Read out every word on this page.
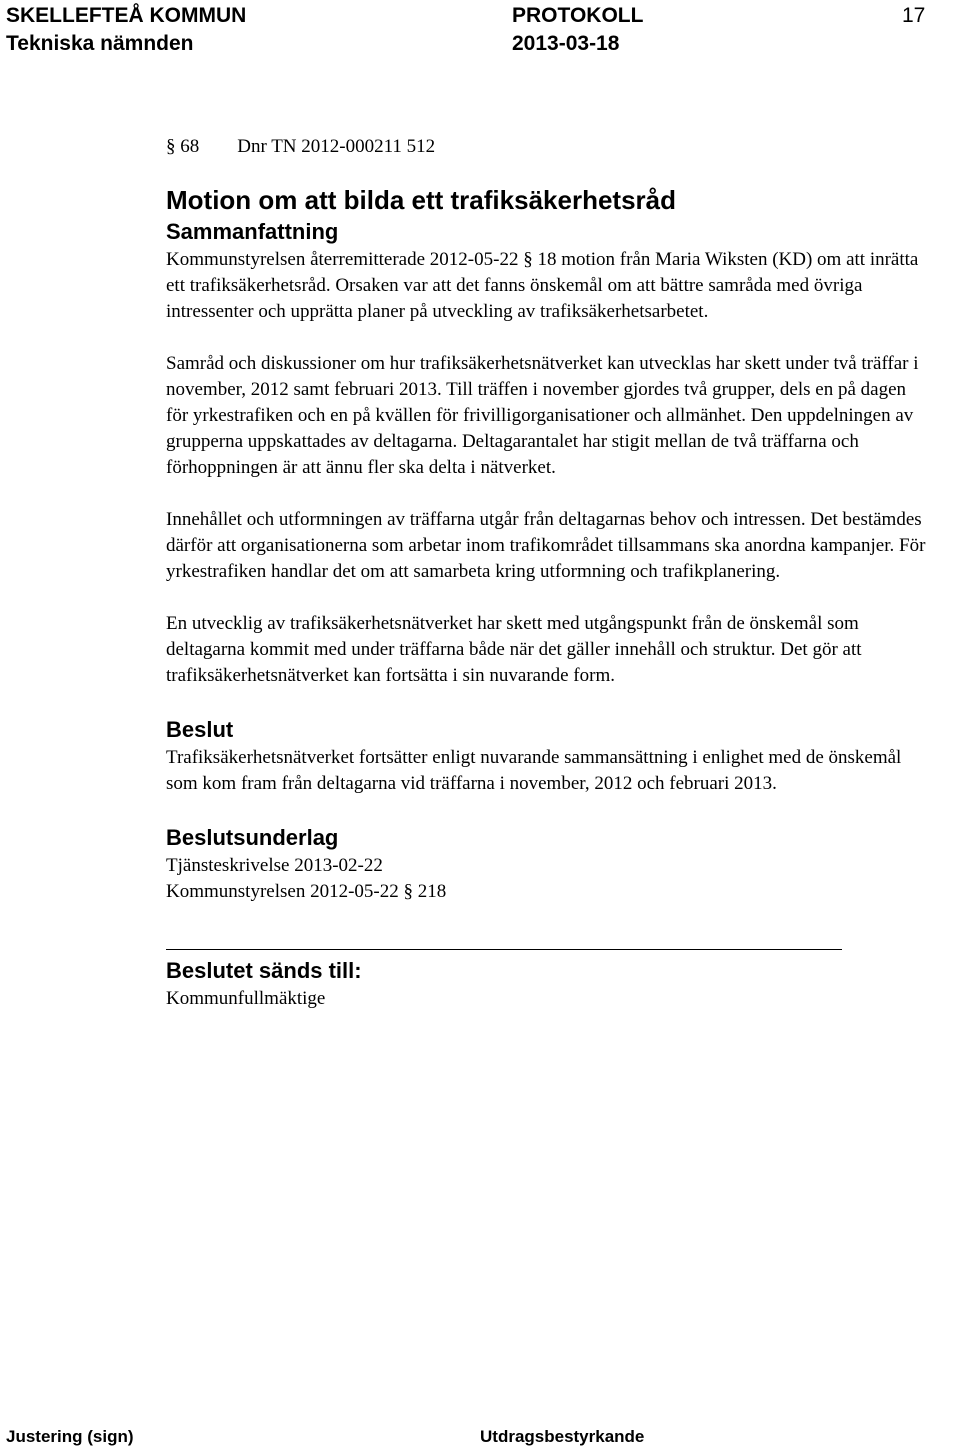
SKELLEFTEÅ KOMMUN
Tekniska nämnden
PROTOKOLL
2013-03-18
17
§ 68 Dnr TN 2012-000211 512
Motion om att bilda ett trafiksäkerhetsråd
Sammanfattning

Kommunstyrelsen återremitterade 2012-05-22 § 18 motion från Maria Wiksten (KD) om att inrätta ett trafiksäkerhetsråd. Orsaken var att det fanns önskemål om att bättre samråda med övriga intressenter och upprätta planer på utveckling av trafiksäkerhetsarbetet.

Samråd och diskussioner om hur trafiksäkerhetsnätverket kan utvecklas har skett under två träffar i november, 2012 samt februari 2013. Till träffen i november gjordes två grupper, dels en på dagen för yrkestrafiken och en på kvällen för frivilligorganisationer och allmänhet. Den uppdelningen av grupperna uppskattades av deltagarna. Deltagarantalet har stigit mellan de två träffarna och förhoppningen är att ännu fler ska delta i nätverket.

Innehållet och utformningen av träffarna utgår från deltagarnas behov och intressen. Det bestämdes därför att organisationerna som arbetar inom trafikområdet tillsammans ska anordna kampanjer. För yrkestrafiken handlar det om att samarbeta kring utformning och trafikplanering.

En utvecklig av trafiksäkerhetsnätverket har skett med utgångspunkt från de önskemål som deltagarna kommit med under träffarna både när det gäller innehåll och struktur. Det gör att trafiksäkerhetsnätverket kan fortsätta i sin nuvarande form.

Beslut

Trafiksäkerhetsnätverket fortsätter enligt nuvarande sammansättning i enlighet med de önskemål som kom fram från deltagarna vid träffarna i november, 2012 och februari 2013.

Beslutsunderlag

Tjänsteskrivelse 2013-02-22

Kommunstyrelsen 2012-05-22 § 218

Beslutet sänds till:

Kommunfullmäktige

Justering (sign)	Utdragsbestyrkande
